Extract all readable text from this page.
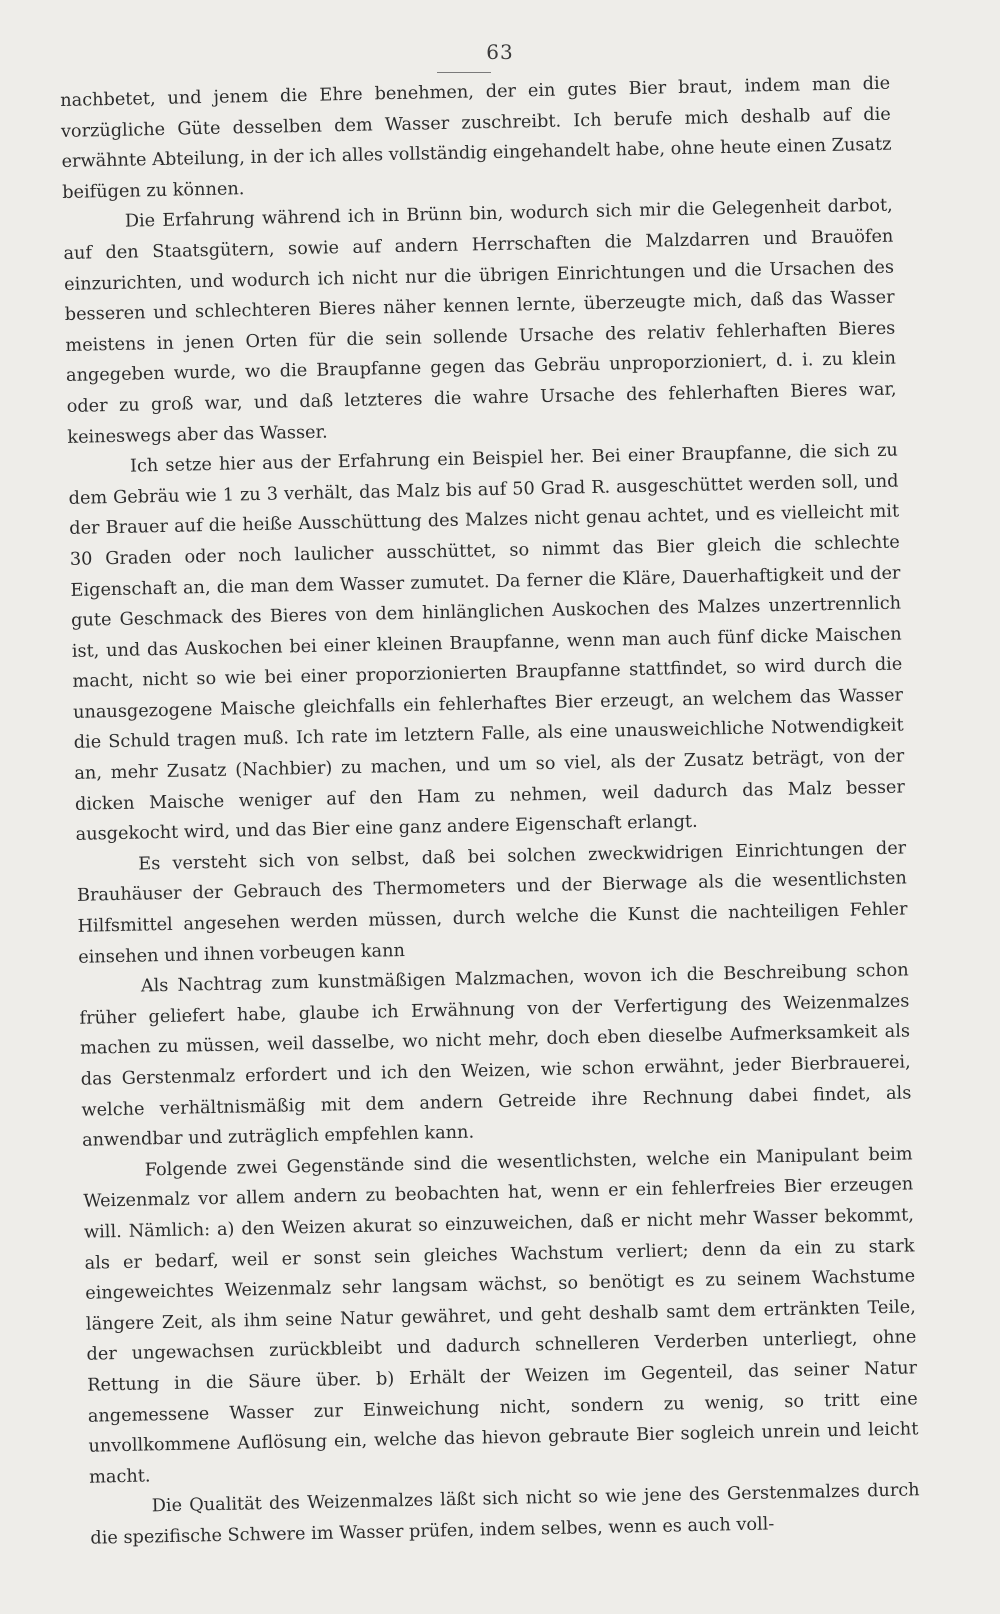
63

nachbetet, und jenem die Ehre benehmen, der ein gutes Bier braut, indem man die vorzügliche Güte desselben dem Wasser zuschreibt. Ich berufe mich deshalb auf die erwähnte Abteilung, in der ich alles vollständig eingehandelt habe, ohne heute einen Zusatz beifügen zu können.

Die Erfahrung während ich in Brünn bin, wodurch sich mir die Gelegenheit darbot, auf den Staatsgütern, sowie auf andern Herrschaften die Malzdarren und Brauöfen einzurichten, und wodurch ich nicht nur die übrigen Einrichtungen und die Ursachen des besseren und schlechteren Bieres näher kennen lernte, überzeugte mich, daß das Wasser meistens in jenen Orten für die sein sollende Ursache des relativ fehlerhaften Bieres angegeben wurde, wo die Braupfanne gegen das Gebräu unproporzioniert, d. i. zu klein oder zu groß war, und daß letzteres die wahre Ursache des fehlerhaften Bieres war, keineswegs aber das Wasser.

Ich setze hier aus der Erfahrung ein Beispiel her. Bei einer Braupfanne, die sich zu dem Gebräu wie 1 zu 3 verhält, das Malz bis auf 50 Grad R. ausgeschüttet werden soll, und der Brauer auf die heiße Ausschüttung des Malzes nicht genau achtet, und es vielleicht mit 30 Graden oder noch laulicher ausschüttet, so nimmt das Bier gleich die schlechte Eigenschaft an, die man dem Wasser zumutet. Da ferner die Kläre, Dauerhaftigkeit und der gute Geschmack des Bieres von dem hinlänglichen Auskochen des Malzes unzertrennlich ist, und das Auskochen bei einer kleinen Braupfanne, wenn man auch fünf dicke Maischen macht, nicht so wie bei einer proporzionierten Braupfanne stattfindet, so wird durch die unausgezogene Maische gleichfalls ein fehlerhaftes Bier erzeugt, an welchem das Wasser die Schuld tragen muß. Ich rate im letztern Falle, als eine unausweichliche Notwendigkeit an, mehr Zusatz (Nachbier) zu machen, und um so viel, als der Zusatz beträgt, von der dicken Maische weniger auf den Ham zu nehmen, weil dadurch das Malz besser ausgekocht wird, und das Bier eine ganz andere Eigenschaft erlangt.

Es versteht sich von selbst, daß bei solchen zweckwidrigen Einrichtungen der Brauhäuser der Gebrauch des Thermometers und der Bierwage als die wesentlichsten Hilfsmittel angesehen werden müssen, durch welche die Kunst die nachteiligen Fehler einsehen und ihnen vorbeugen kann

Als Nachtrag zum kunstmäßigen Malzmachen, wovon ich die Beschreibung schon früher geliefert habe, glaube ich Erwähnung von der Verfertigung des Weizenmalzes machen zu müssen, weil dasselbe, wo nicht mehr, doch eben dieselbe Aufmerksamkeit als das Gerstenmalz erfordert und ich den Weizen, wie schon erwähnt, jeder Bierbrauerei, welche verhältnismäßig mit dem andern Getreide ihre Rechnung dabei findet, als anwendbar und zuträglich empfehlen kann.

Folgende zwei Gegenstände sind die wesentlichsten, welche ein Manipulant beim Weizenmalz vor allem andern zu beobachten hat, wenn er ein fehlerfreies Bier erzeugen will. Nämlich: a) den Weizen akurat so einzuweichen, daß er nicht mehr Wasser bekommt, als er bedarf, weil er sonst sein gleiches Wachstum verliert; denn da ein zu stark eingeweichtes Weizenmalz sehr langsam wächst, so benötigt es zu seinem Wachstume längere Zeit, als ihm seine Natur gewähret, und geht deshalb samt dem ertränkten Teile, der ungewachsen zurückbleibt und dadurch schnelleren Verderben unterliegt, ohne Rettung in die Säure über. b) Erhält der Weizen im Gegenteil, das seiner Natur angemessene Wasser zur Einweichung nicht, sondern zu wenig, so tritt eine unvollkommene Auflösung ein, welche das hievon gebraute Bier sogleich unrein und leicht macht.

Die Qualität des Weizenmalzes läßt sich nicht so wie jene des Gerstenmalzes durch die spezifische Schwere im Wasser prüfen, indem selbes, wenn es auch voll-
